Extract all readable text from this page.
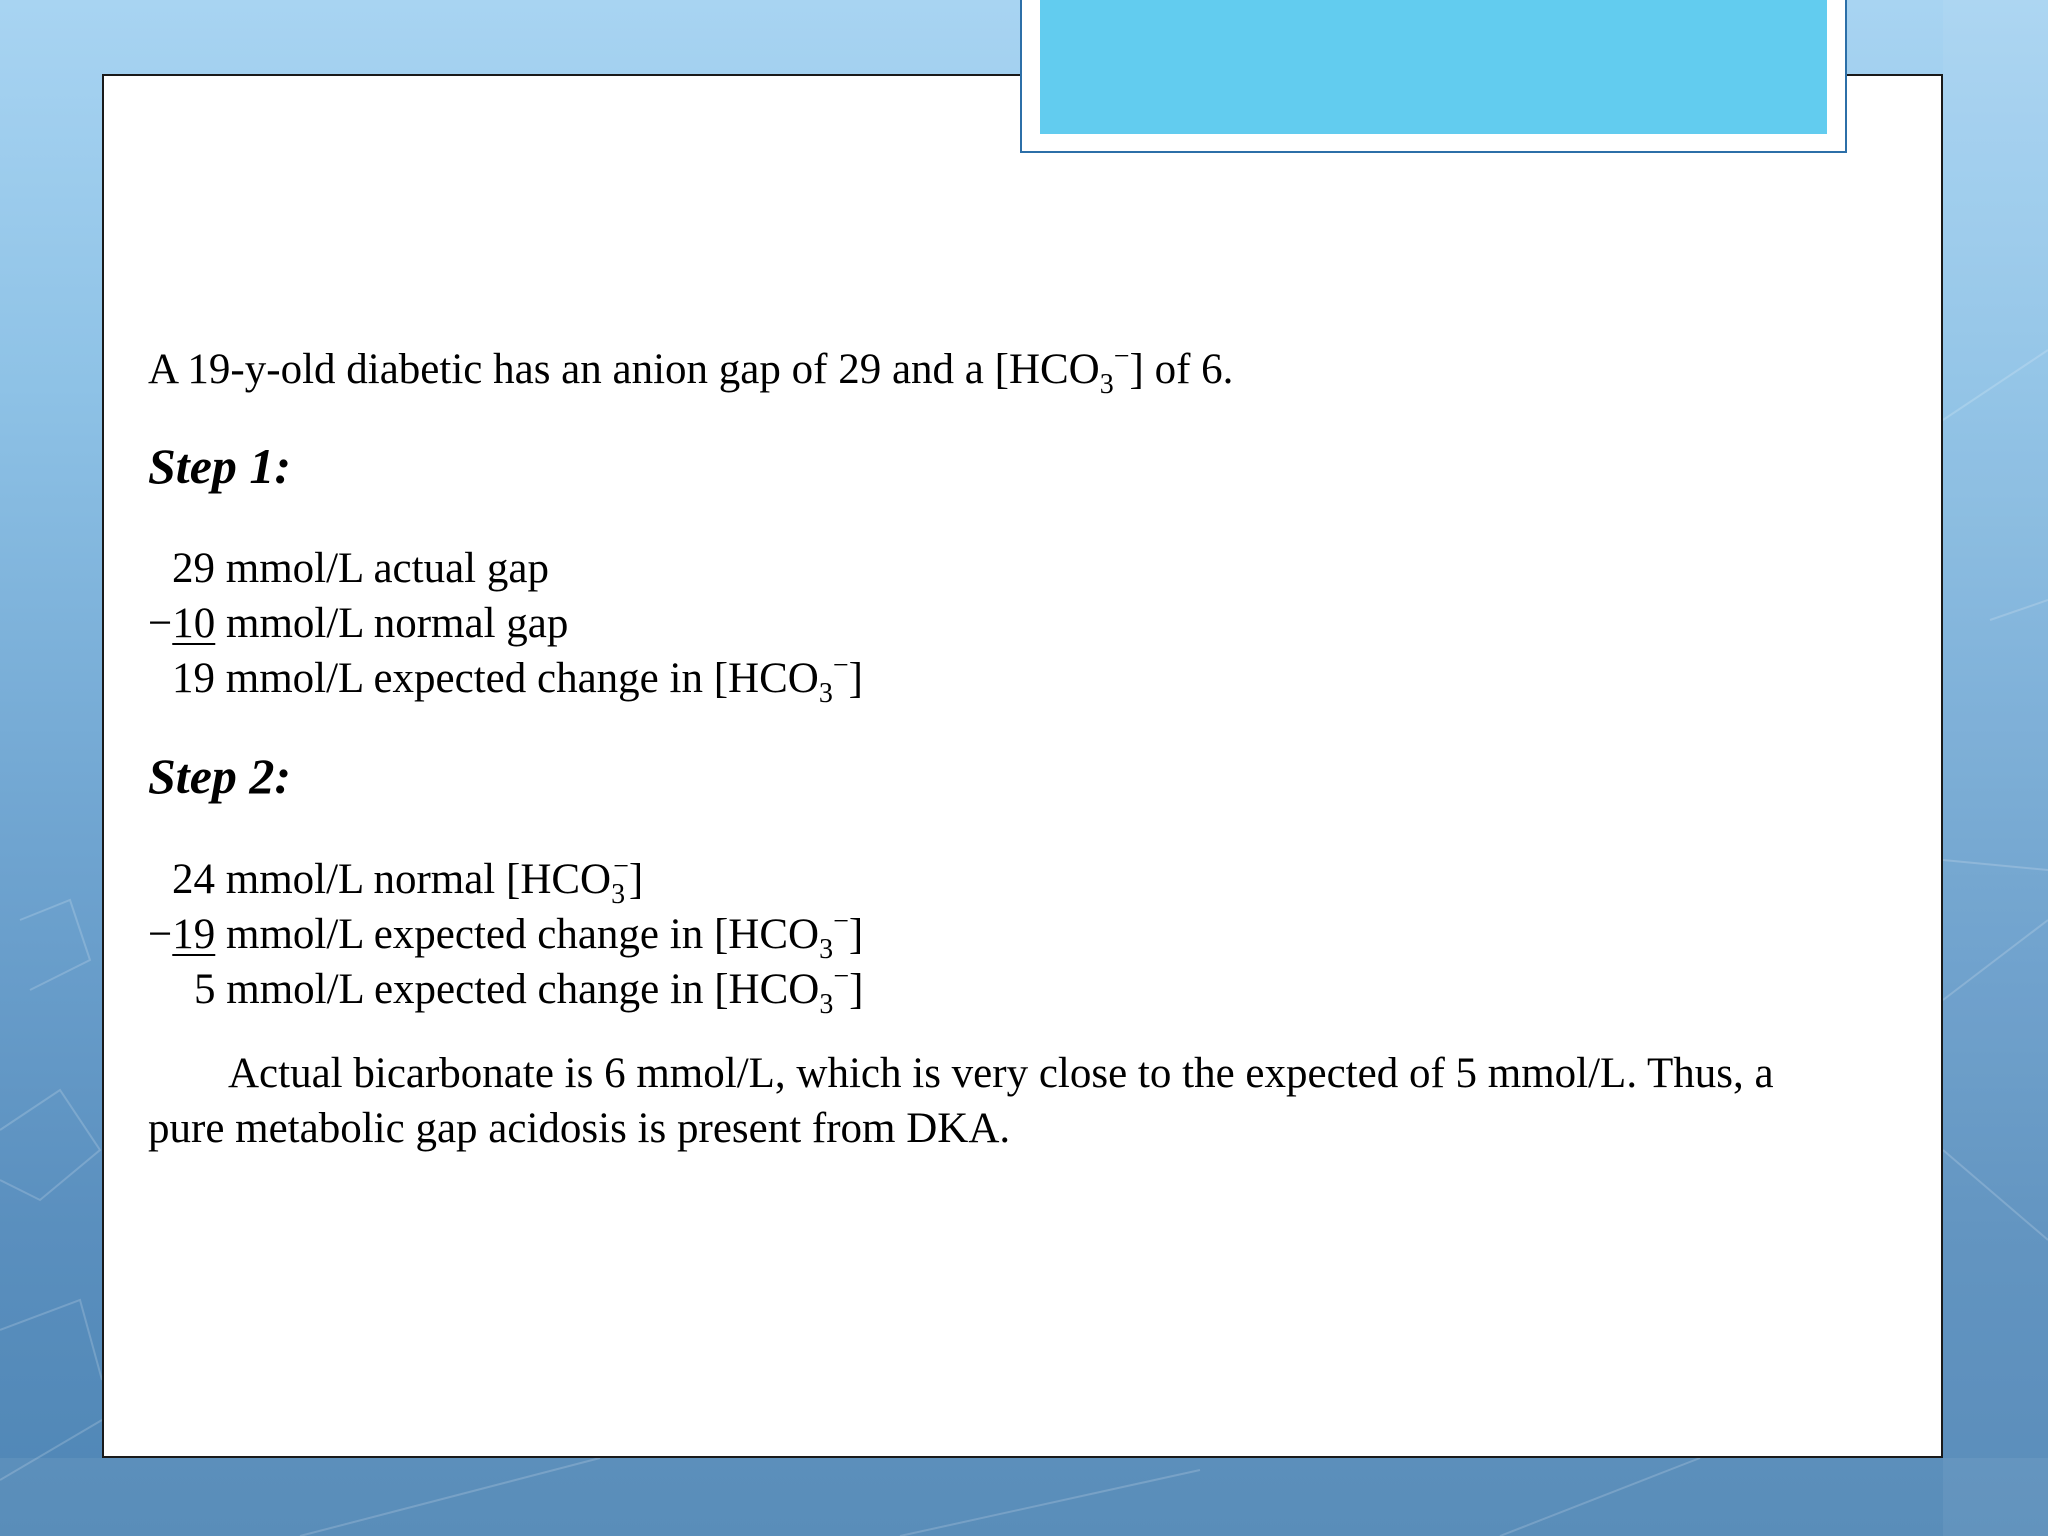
A 19-y-old diabetic has an anion gap of 29 and a $[HCO_3^-]$ of 6.
Step 1:
29 mmol/L actual gap
−10 mmol/L normal gap
19 mmol/L expected change in $[HCO_3^-]$
Step 2:
24 mmol/L normal $[HCO_3^-]$
−19 mmol/L expected change in $[HCO_3^-]$
5 mmol/L expected change in $[HCO_3^-]$
Actual bicarbonate is 6 mmol/L, which is very close to the expected of 5 mmol/L. Thus, a pure metabolic gap acidosis is present from DKA.
